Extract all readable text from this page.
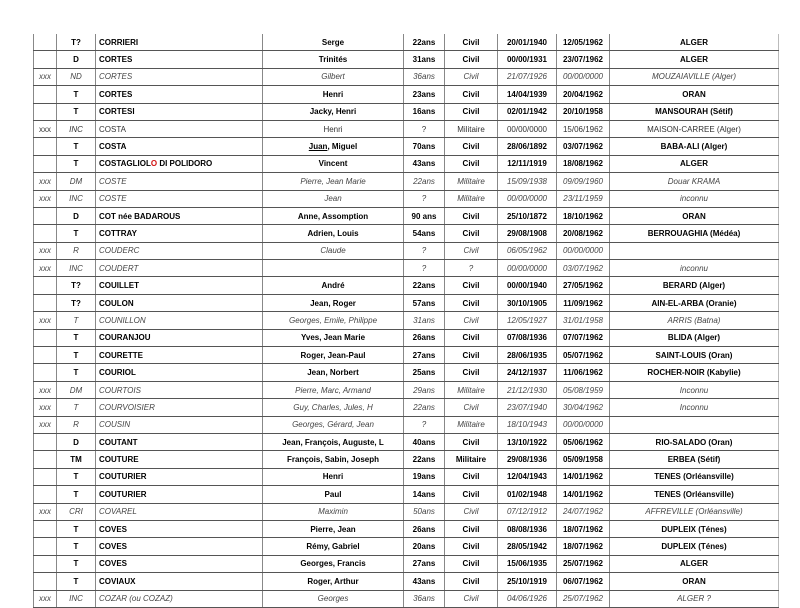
	T?	CORRIERI	Serge	22ans	Civil	20/01/1940	12/05/1962	ALGER
	D	CORTES	Trinités	31ans	Civil	00/00/1931	23/07/1962	ALGER
xxx	ND	CORTES	Gilbert	36ans	Civil	21/07/1926	00/00/0000	MOUZAIAVILLE (Alger)
	T	CORTES	Henri	23ans	Civil	14/04/1939	20/04/1962	ORAN
	T	CORTESI	Jacky, Henri	16ans	Civil	02/01/1942	20/10/1958	MANSOURAH (Sétif)
xxx	INC	COSTA	Henri	?	Militaire	00/00/0000	15/06/1962	MAISON-CARREE (Alger)
	T	COSTA	Juan, Miguel	70ans	Civil	28/06/1892	03/07/1962	BABA-ALI (Alger)
	T	COSTAGLIOLO DI POLIDORO	Vincent	43ans	Civil	12/11/1919	18/08/1962	ALGER
xxx	DM	COSTE	Pierre, Jean Marie	22ans	Militaire	15/09/1938	09/09/1960	Douar KRAMA
xxx	INC	COSTE	Jean	?	Militaire	00/00/0000	23/11/1959	inconnu
	D	COT née BADAROUS	Anne, Assomption	90 ans	Civil	25/10/1872	18/10/1962	ORAN
	T	COTTRAY	Adrien, Louis	54ans	Civil	29/08/1908	20/08/1962	BERROUAGHIA (Médéa)
xxx	R	COUDERC	Claude	?	Civil	06/05/1962	00/00/0000	
xxx	INC	COUDERT		?	?	00/00/0000	03/07/1962	inconnu
	T?	COUILLET	André	22ans	Civil	00/00/1940	27/05/1962	BERARD (Alger)
	T?	COULON	Jean, Roger	57ans	Civil	30/10/1905	11/09/1962	AIN-EL-ARBA (Oranie)
xxx	T	COUNILLON	Georges, Emile, Philippe	31ans	Civil	12/05/1927	31/01/1958	ARRIS (Batna)
	T	COURANJOU	Yves, Jean Marie	26ans	Civil	07/08/1936	07/07/1962	BLIDA (Alger)
	T	COURETTE	Roger, Jean-Paul	27ans	Civil	28/06/1935	05/07/1962	SAINT-LOUIS (Oran)
	T	COURIOL	Jean, Norbert	25ans	Civil	24/12/1937	11/06/1962	ROCHER-NOIR (Kabylie)
xxx	DM	COURTOIS	Pierre, Marc, Armand	29ans	Militaire	21/12/1930	05/08/1959	Inconnu
xxx	T	COURVOISIER	Guy, Charles, Jules, H	22ans	Civil	23/07/1940	30/04/1962	Inconnu
xxx	R	COUSIN	Georges, Gérard, Jean	?	Militaire	18/10/1943	00/00/0000	
	D	COUTANT	Jean, François, Auguste, L	40ans	Civil	13/10/1922	05/06/1962	RIO-SALADO (Oran)
	TM	COUTURE	François, Sabin, Joseph	22ans	Militaire	29/08/1936	05/09/1958	ERBEA (Sétif)
	T	COUTURIER	Henri	19ans	Civil	12/04/1943	14/01/1962	TENES (Orléansville)
	T	COUTURIER	Paul	14ans	Civil	01/02/1948	14/01/1962	TENES (Orléansville)
xxx	CRI	COVAREL	Maximin	50ans	Civil	07/12/1912	24/07/1962	AFFREVILLE (Orléansville)
	T	COVES	Pierre, Jean	26ans	Civil	08/08/1936	18/07/1962	DUPLEIX (Ténes)
	T	COVES	Rémy, Gabriel	20ans	Civil	28/05/1942	18/07/1962	DUPLEIX (Ténes)
	T	COVES	Georges, Francis	27ans	Civil	15/06/1935	25/07/1962	ALGER
	T	COVIAUX	Roger, Arthur	43ans	Civil	25/10/1919	06/07/1962	ORAN
xxx	INC	COZAR (ou COZAZ)	Georges	36ans	Civil	04/06/1926	25/07/1962	ALGER ?
